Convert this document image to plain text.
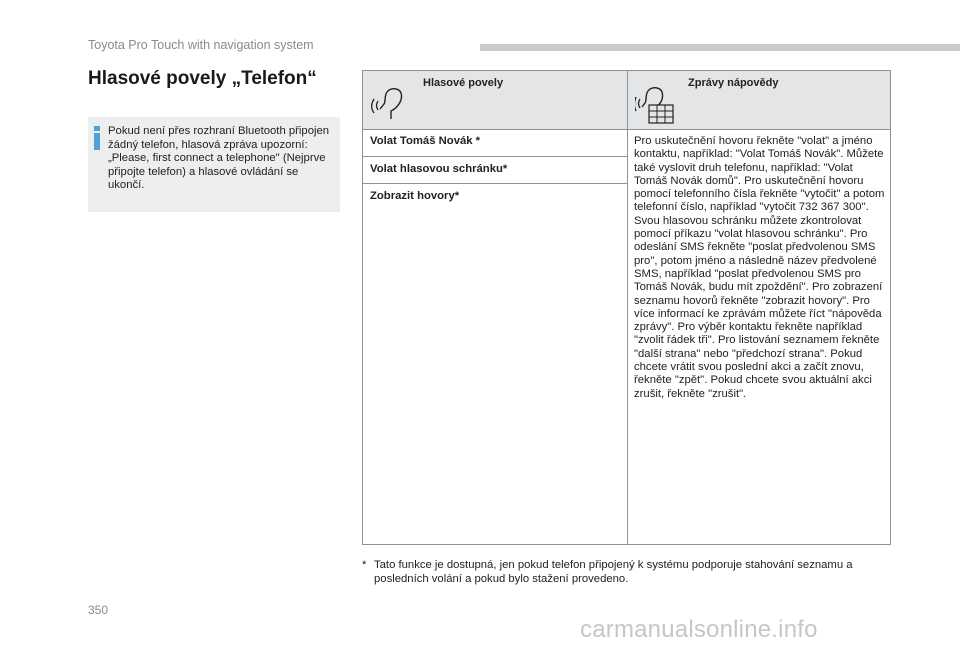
Toyota Pro Touch with navigation system
Hlasové povely „Telefon“
Pokud není přes rozhraní Bluetooth připojen žádný telefon, hlasová zpráva upozorní: „Please, first connect a telephone" (Nejprve připojte telefon) a hlasové ovládání se ukončí.
Hlasové povely	Zprávy nápovědy
Volat Tomáš Novák *
Volat hlasovou schránku*
Zobrazit hovory*
Pro uskutečnění hovoru řekněte "volat" a jméno kontaktu, například: "Volat Tomáš Novák". Můžete také vyslovit druh telefonu, například: "Volat Tomáš Novák domů". Pro uskutečnění hovoru pomocí telefonního čísla řekněte "vytočit" a potom telefonní číslo, například "vytočit 732 367 300". Svou hlasovou schránku můžete zkontrolovat pomocí příkazu "volat hlasovou schránku". Pro odeslání SMS řekněte "poslat předvolenou SMS pro", potom jméno a následně název předvolené SMS, například "poslat předvolenou SMS pro Tomáš Novák, budu mít zpoždění". Pro zobrazení seznamu hovorů řekněte "zobrazit hovory". Pro více informací ke zprávám můžete říct "nápověda zprávy". Pro výběr kontaktu řekněte například "zvolit řádek tři". Pro listování seznamem řekněte "další strana" nebo "předchozí strana". Pokud chcete vrátit svou poslední akci a začít znovu, řekněte "zpět". Pokud chcete svou aktuální akci zrušit, řekněte "zrušit".
* Tato funkce je dostupná, jen pokud telefon připojený k systému podporuje stahování seznamu a posledních volání a pokud bylo stažení provedeno.
350
carmanualsonline.info
